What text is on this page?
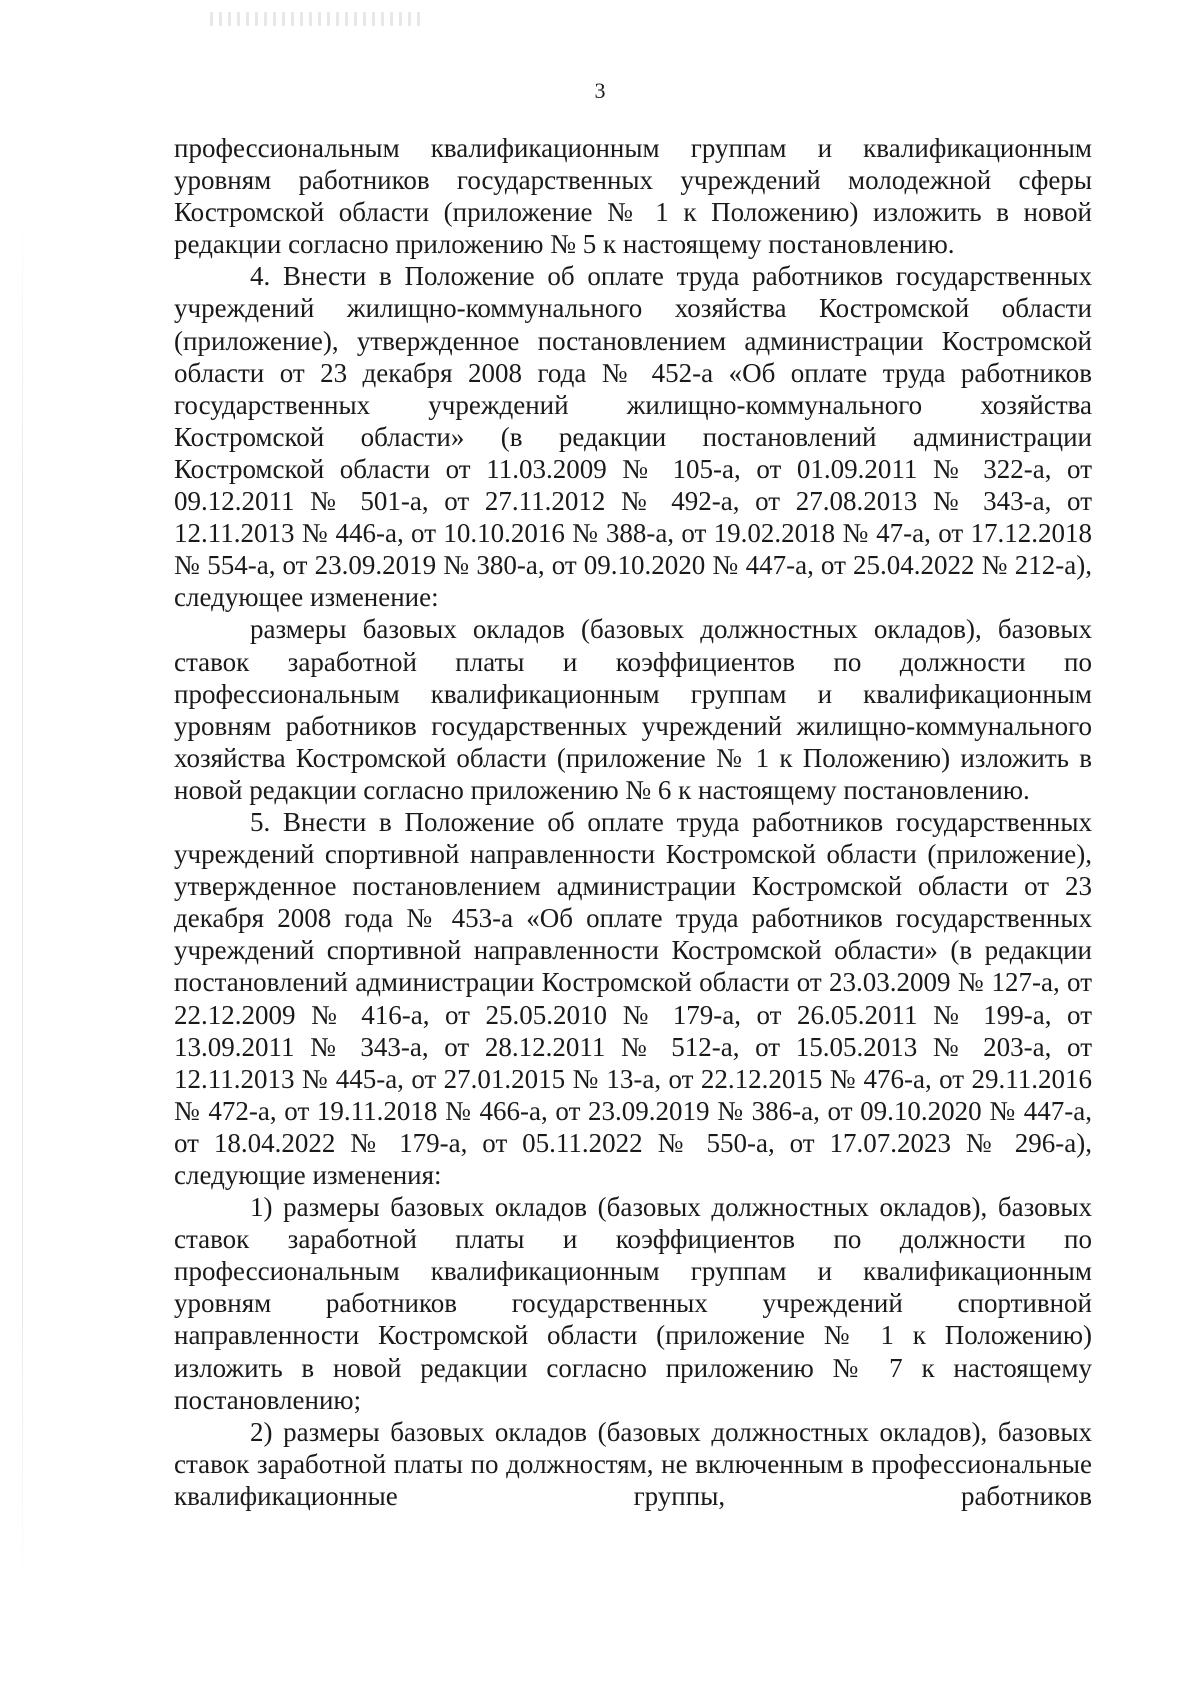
3

профессиональным квалификационным группам и квалификационным уровням работников государственных учреждений молодежной сферы Костромской области (приложение № 1 к Положению) изложить в новой редакции согласно приложению № 5 к настоящему постановлению.

4. Внести в Положение об оплате труда работников государственных учреждений жилищно-коммунального хозяйства Костромской области (приложение), утвержденное постановлением администрации Костромской области от 23 декабря 2008 года № 452-а «Об оплате труда работников государственных учреждений жилищно-коммунального хозяйства Костромской области» (в редакции постановлений администрации Костромской области от 11.03.2009 № 105-а, от 01.09.2011 № 322-а, от 09.12.2011 № 501-а, от 27.11.2012 № 492-а, от 27.08.2013 № 343-а, от 12.11.2013 № 446-а, от 10.10.2016 № 388-а, от 19.02.2018 № 47-а, от 17.12.2018 № 554-а, от 23.09.2019 № 380-а, от 09.10.2020 № 447-а, от 25.04.2022 № 212-а), следующее изменение:

размеры базовых окладов (базовых должностных окладов), базовых ставок заработной платы и коэффициентов по должности по профессиональным квалификационным группам и квалификационным уровням работников государственных учреждений жилищно-коммунального хозяйства Костромской области (приложение № 1 к Положению) изложить в новой редакции согласно приложению № 6 к настоящему постановлению.

5. Внести в Положение об оплате труда работников государственных учреждений спортивной направленности Костромской области (приложение), утвержденное постановлением администрации Костромской области от 23 декабря 2008 года № 453-а «Об оплате труда работников государственных учреждений спортивной направленности Костромской области» (в редакции постановлений администрации Костромской области от 23.03.2009 № 127-а, от 22.12.2009 № 416-а, от 25.05.2010 № 179-а, от 26.05.2011 № 199-а, от 13.09.2011 № 343-а, от 28.12.2011 № 512-а, от 15.05.2013 № 203-а, от 12.11.2013 № 445-а, от 27.01.2015 № 13-а, от 22.12.2015 № 476-а, от 29.11.2016 № 472-а, от 19.11.2018 № 466-а, от 23.09.2019 № 386-а, от 09.10.2020 № 447-а, от 18.04.2022 № 179-а, от 05.11.2022 № 550-а, от 17.07.2023 № 296-а), следующие изменения:

1) размеры базовых окладов (базовых должностных окладов), базовых ставок заработной платы и коэффициентов по должности по профессиональным квалификационным группам и квалификационным уровням работников государственных учреждений спортивной направленности Костромской области (приложение № 1 к Положению) изложить в новой редакции согласно приложению № 7 к настоящему постановлению;

2) размеры базовых окладов (базовых должностных окладов), базовых ставок заработной платы по должностям, не включенным в профессиональные квалификационные группы, работников
